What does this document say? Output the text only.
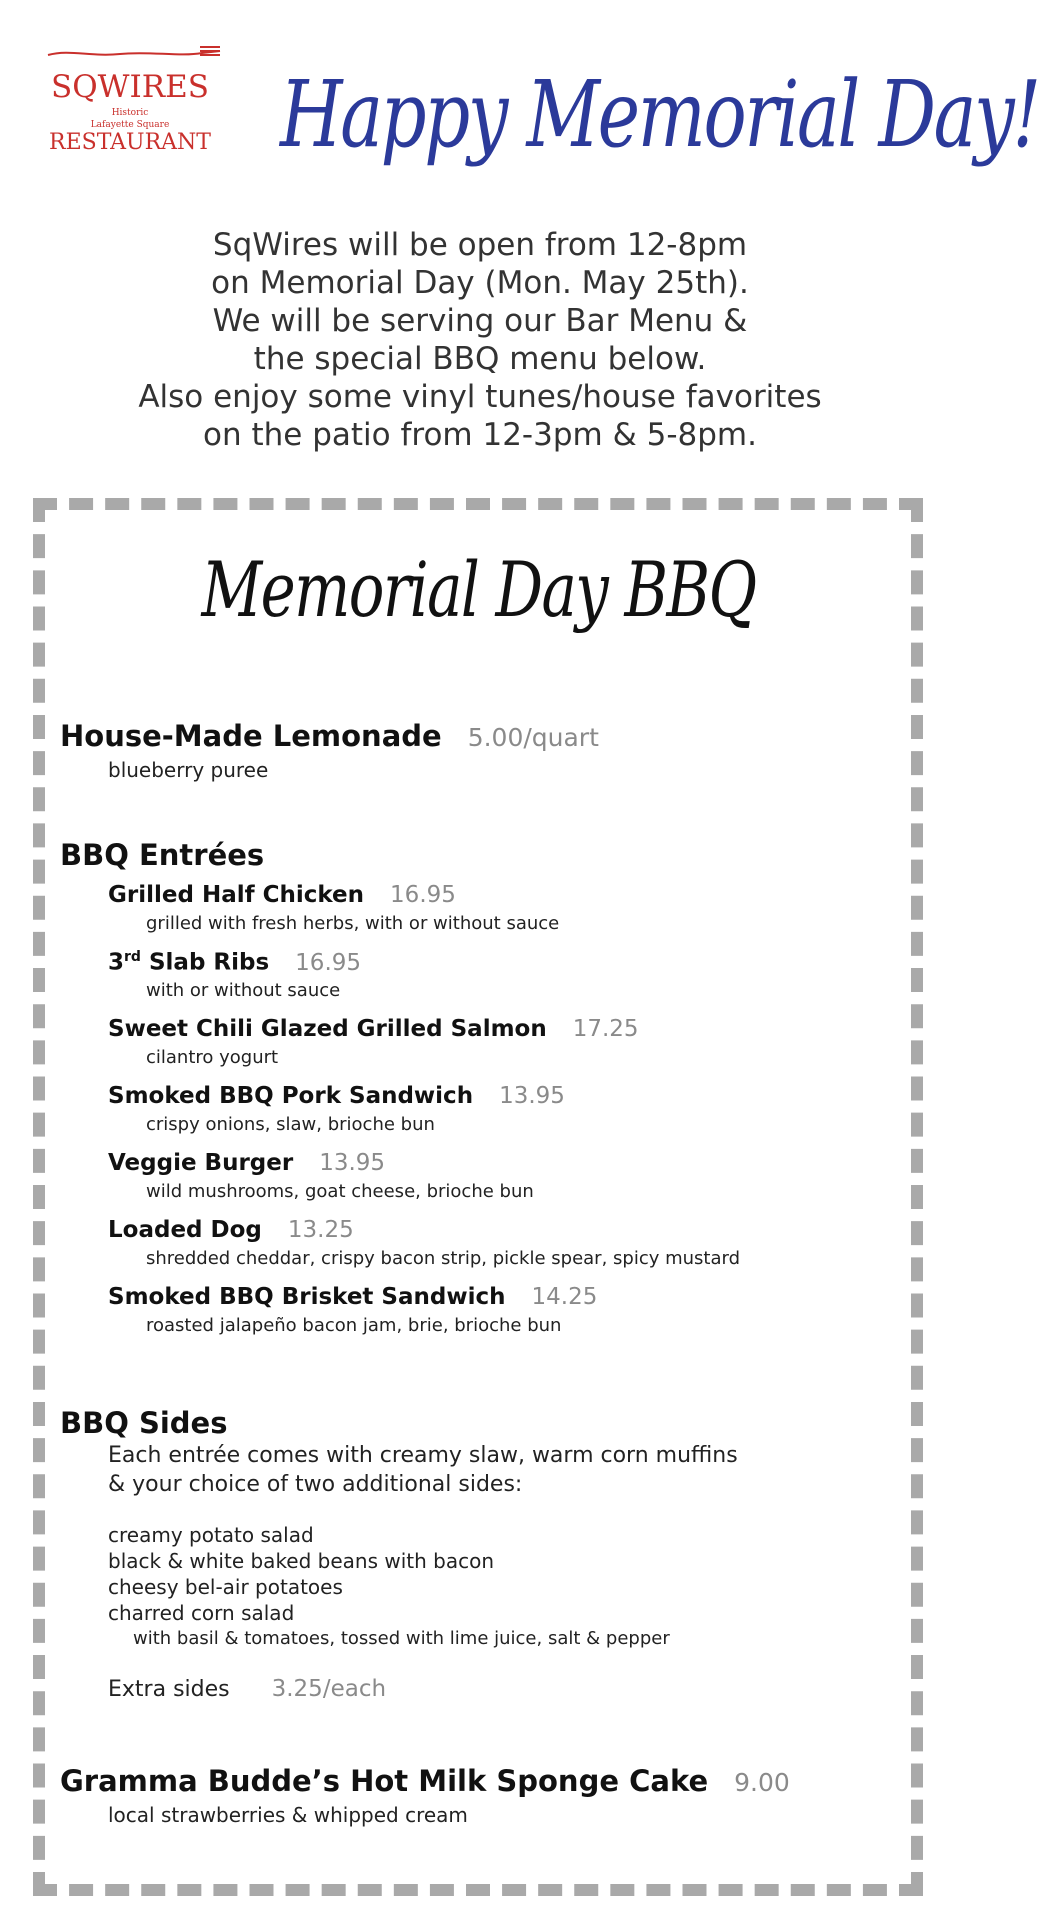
SQWIRES
Historic
Lafayette Square
RESTAURANT Happy Memorial Day!
SqWires will be open from 12-8pm
on Memorial Day (Mon. May 25th).
We will be serving our Bar Menu &
the special BBQ menu below.
Also enjoy some vinyl tunes/house favorites
on the patio from 12-3pm & 5-8pm.
Memorial Day BBQ
House-Made Lemonade 5.00/quart
blueberry puree
BBQ Entrées
Grilled Half Chicken 16.95
grilled with fresh herbs, with or without sauce
3rd Slab Ribs 16.95
with or without sauce
Sweet Chili Glazed Grilled Salmon 17.25
cilantro yogurt
Smoked BBQ Pork Sandwich 13.95
crispy onions, slaw, brioche bun
Veggie Burger 13.95
wild mushrooms, goat cheese, brioche bun
Loaded Dog 13.25
shredded cheddar, crispy bacon strip, pickle spear, spicy mustard
Smoked BBQ Brisket Sandwich 14.25
roasted jalapeño bacon jam, brie, brioche bun
BBQ Sides
Each entrée comes with creamy slaw, warm corn muffins
& your choice of two additional sides:
creamy potato salad
black & white baked beans with bacon
cheesy bel-air potatoes
charred corn salad
with basil & tomatoes, tossed with lime juice, salt & pepper
Extra sides 3.25/each
Gramma Budde’s Hot Milk Sponge Cake 9.00
local strawberries & whipped cream
